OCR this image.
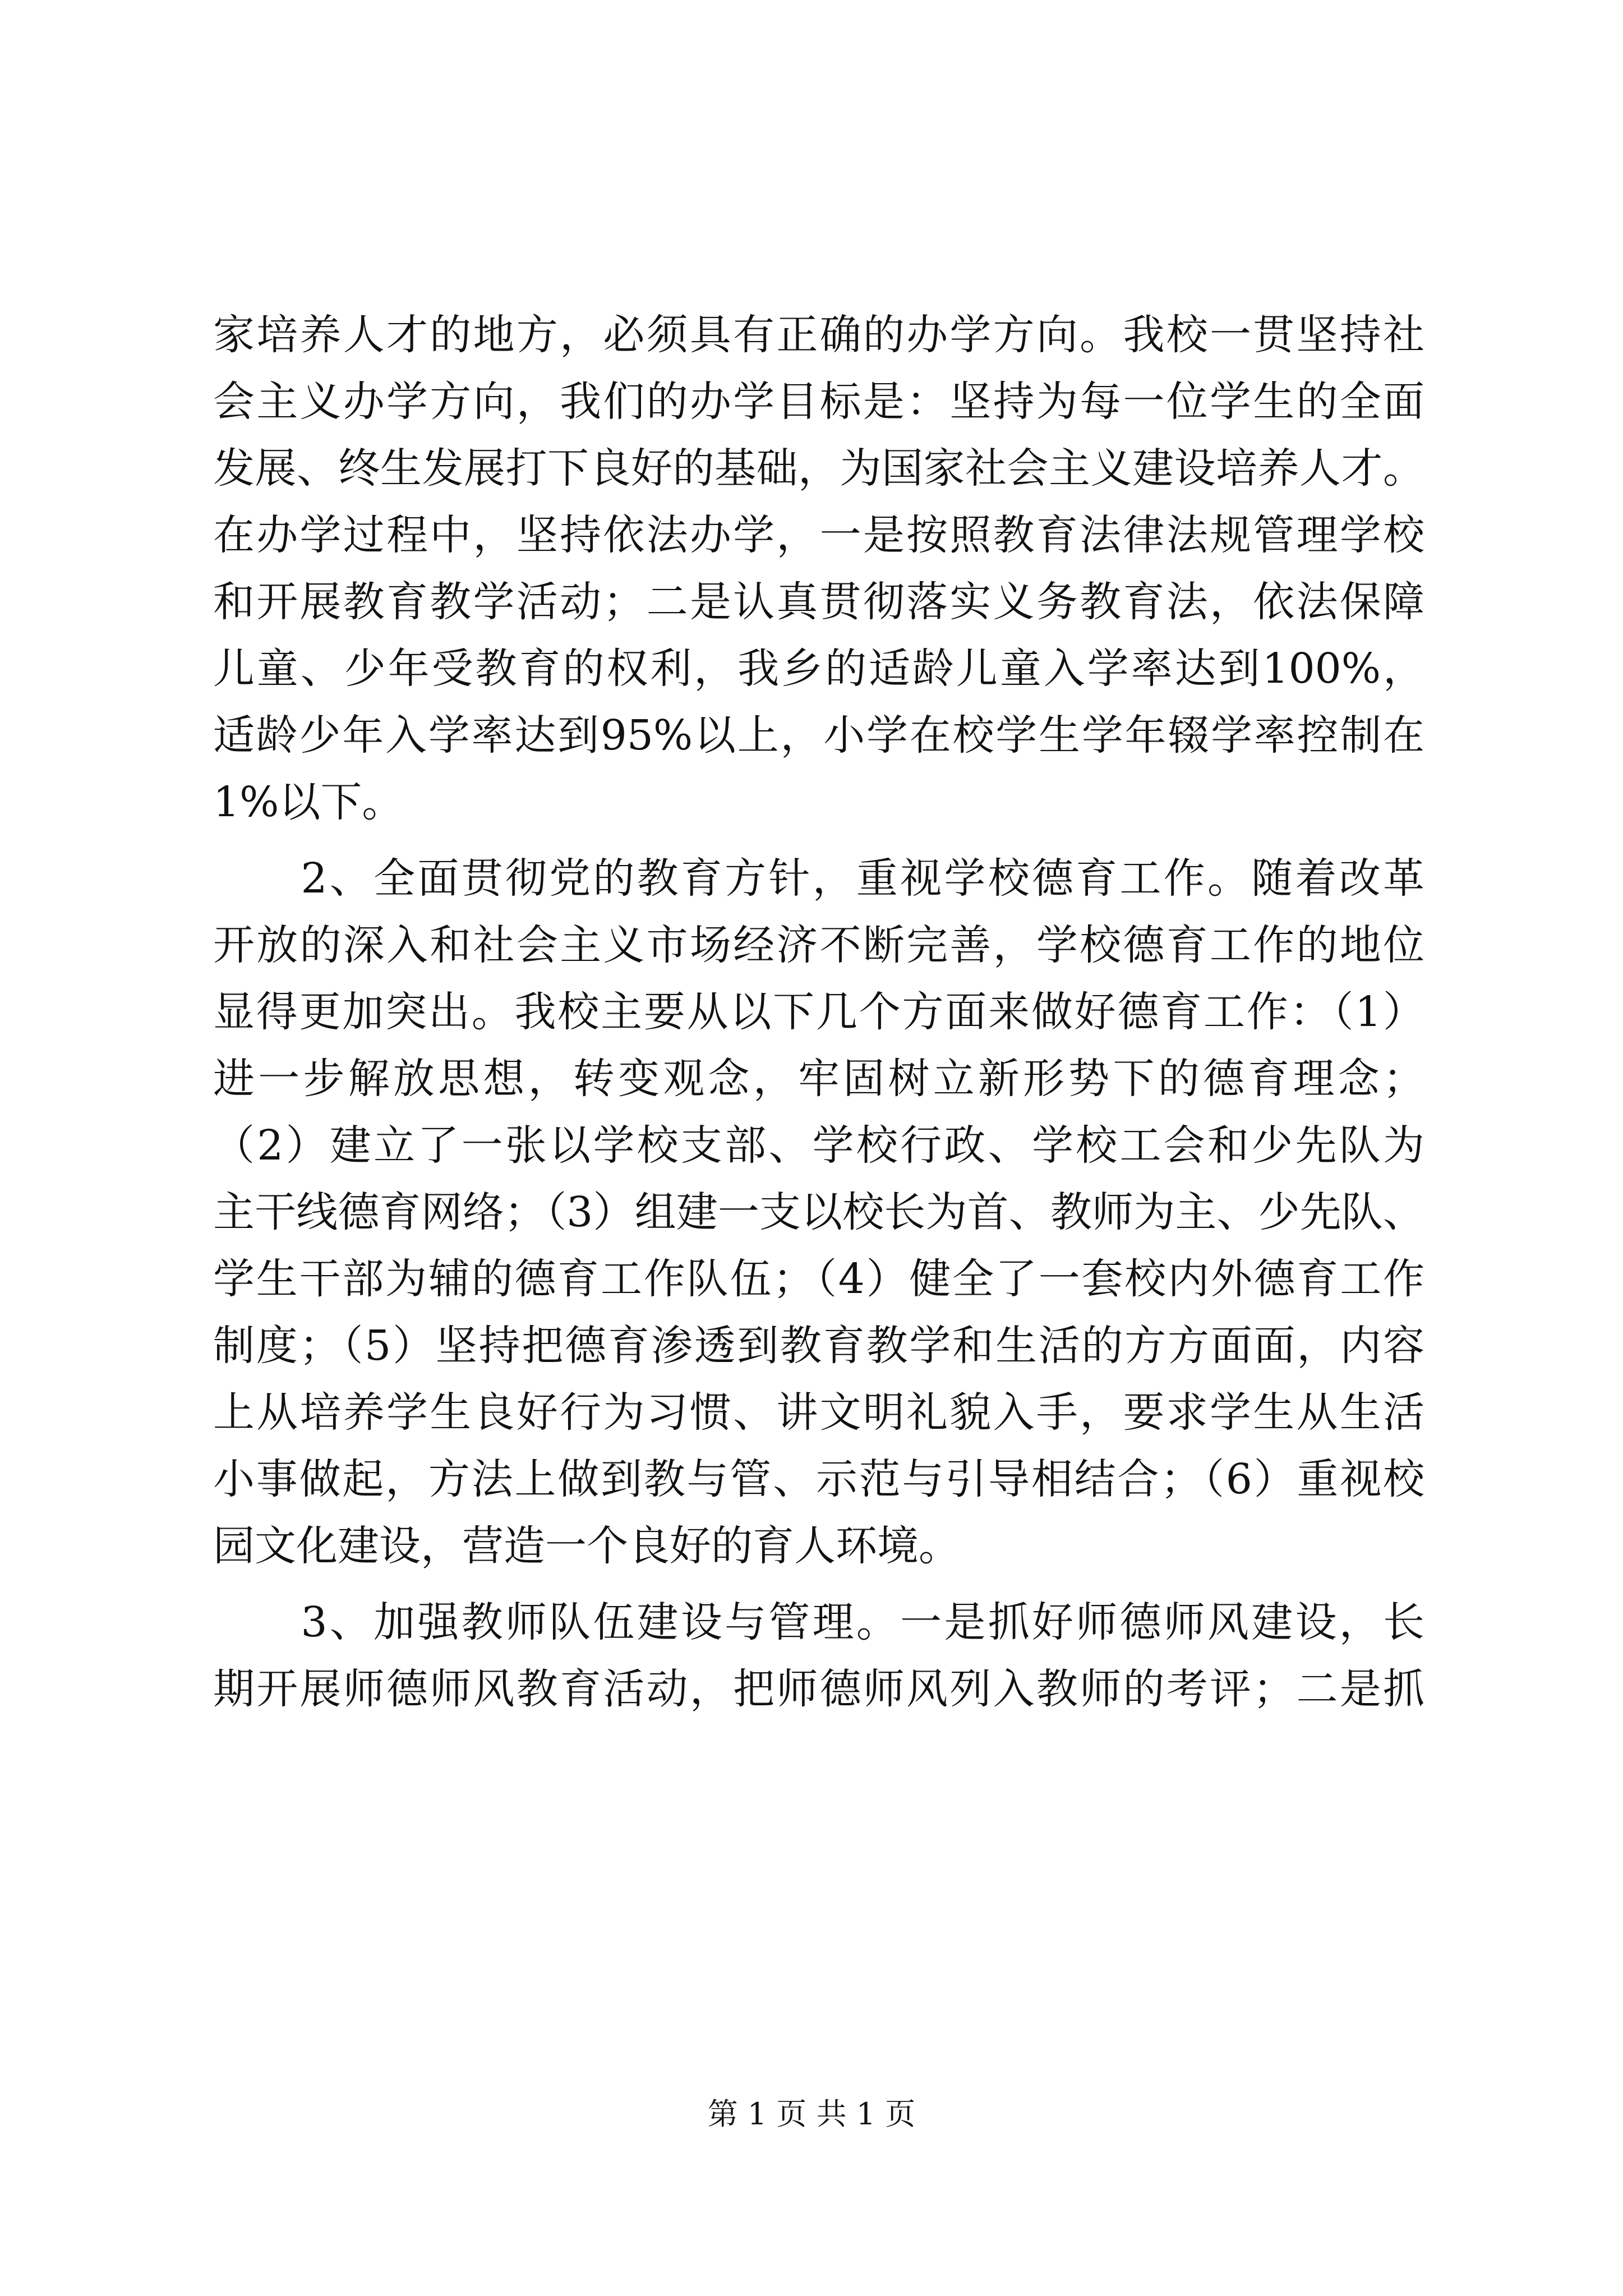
家培养人才的地方，必须具有正确的办学方向。我校一贯坚持社
会主义办学方向，我们的办学目标是：坚持为每一位学生的全面
发展、终生发展打下良好的基础，为国家社会主义建设培养人才。
在办学过程中，坚持依法办学，一是按照教育法律法规管理学校
和开展教育教学活动；二是认真贯彻落实义务教育法，依法保障
儿童、少年受教育的权利，我乡的适龄儿童入学率达到100%，
适龄少年入学率达到95%以上，小学在校学生学年辍学率控制在
1%以下。
　　2、全面贯彻党的教育方针，重视学校德育工作。随着改革
开放的深入和社会主义市场经济不断完善，学校德育工作的地位
显得更加突出。我校主要从以下几个方面来做好德育工作：（1）
进一步解放思想，转变观念，牢固树立新形势下的德育理念；
（2）建立了一张以学校支部、学校行政、学校工会和少先队为
主干线德育网络；（3）组建一支以校长为首、教师为主、少先队、
学生干部为辅的德育工作队伍；（4）健全了一套校内外德育工作
制度；（5）坚持把德育渗透到教育教学和生活的方方面面，内容
上从培养学生良好行为习惯、讲文明礼貌入手，要求学生从生活
小事做起，方法上做到教与管、示范与引导相结合；（6）重视校
园文化建设，营造一个良好的育人环境。
　　3、加强教师队伍建设与管理。一是抓好师德师风建设，长
期开展师德师风教育活动，把师德师风列入教师的考评；二是抓
第 1 页 共 1 页
